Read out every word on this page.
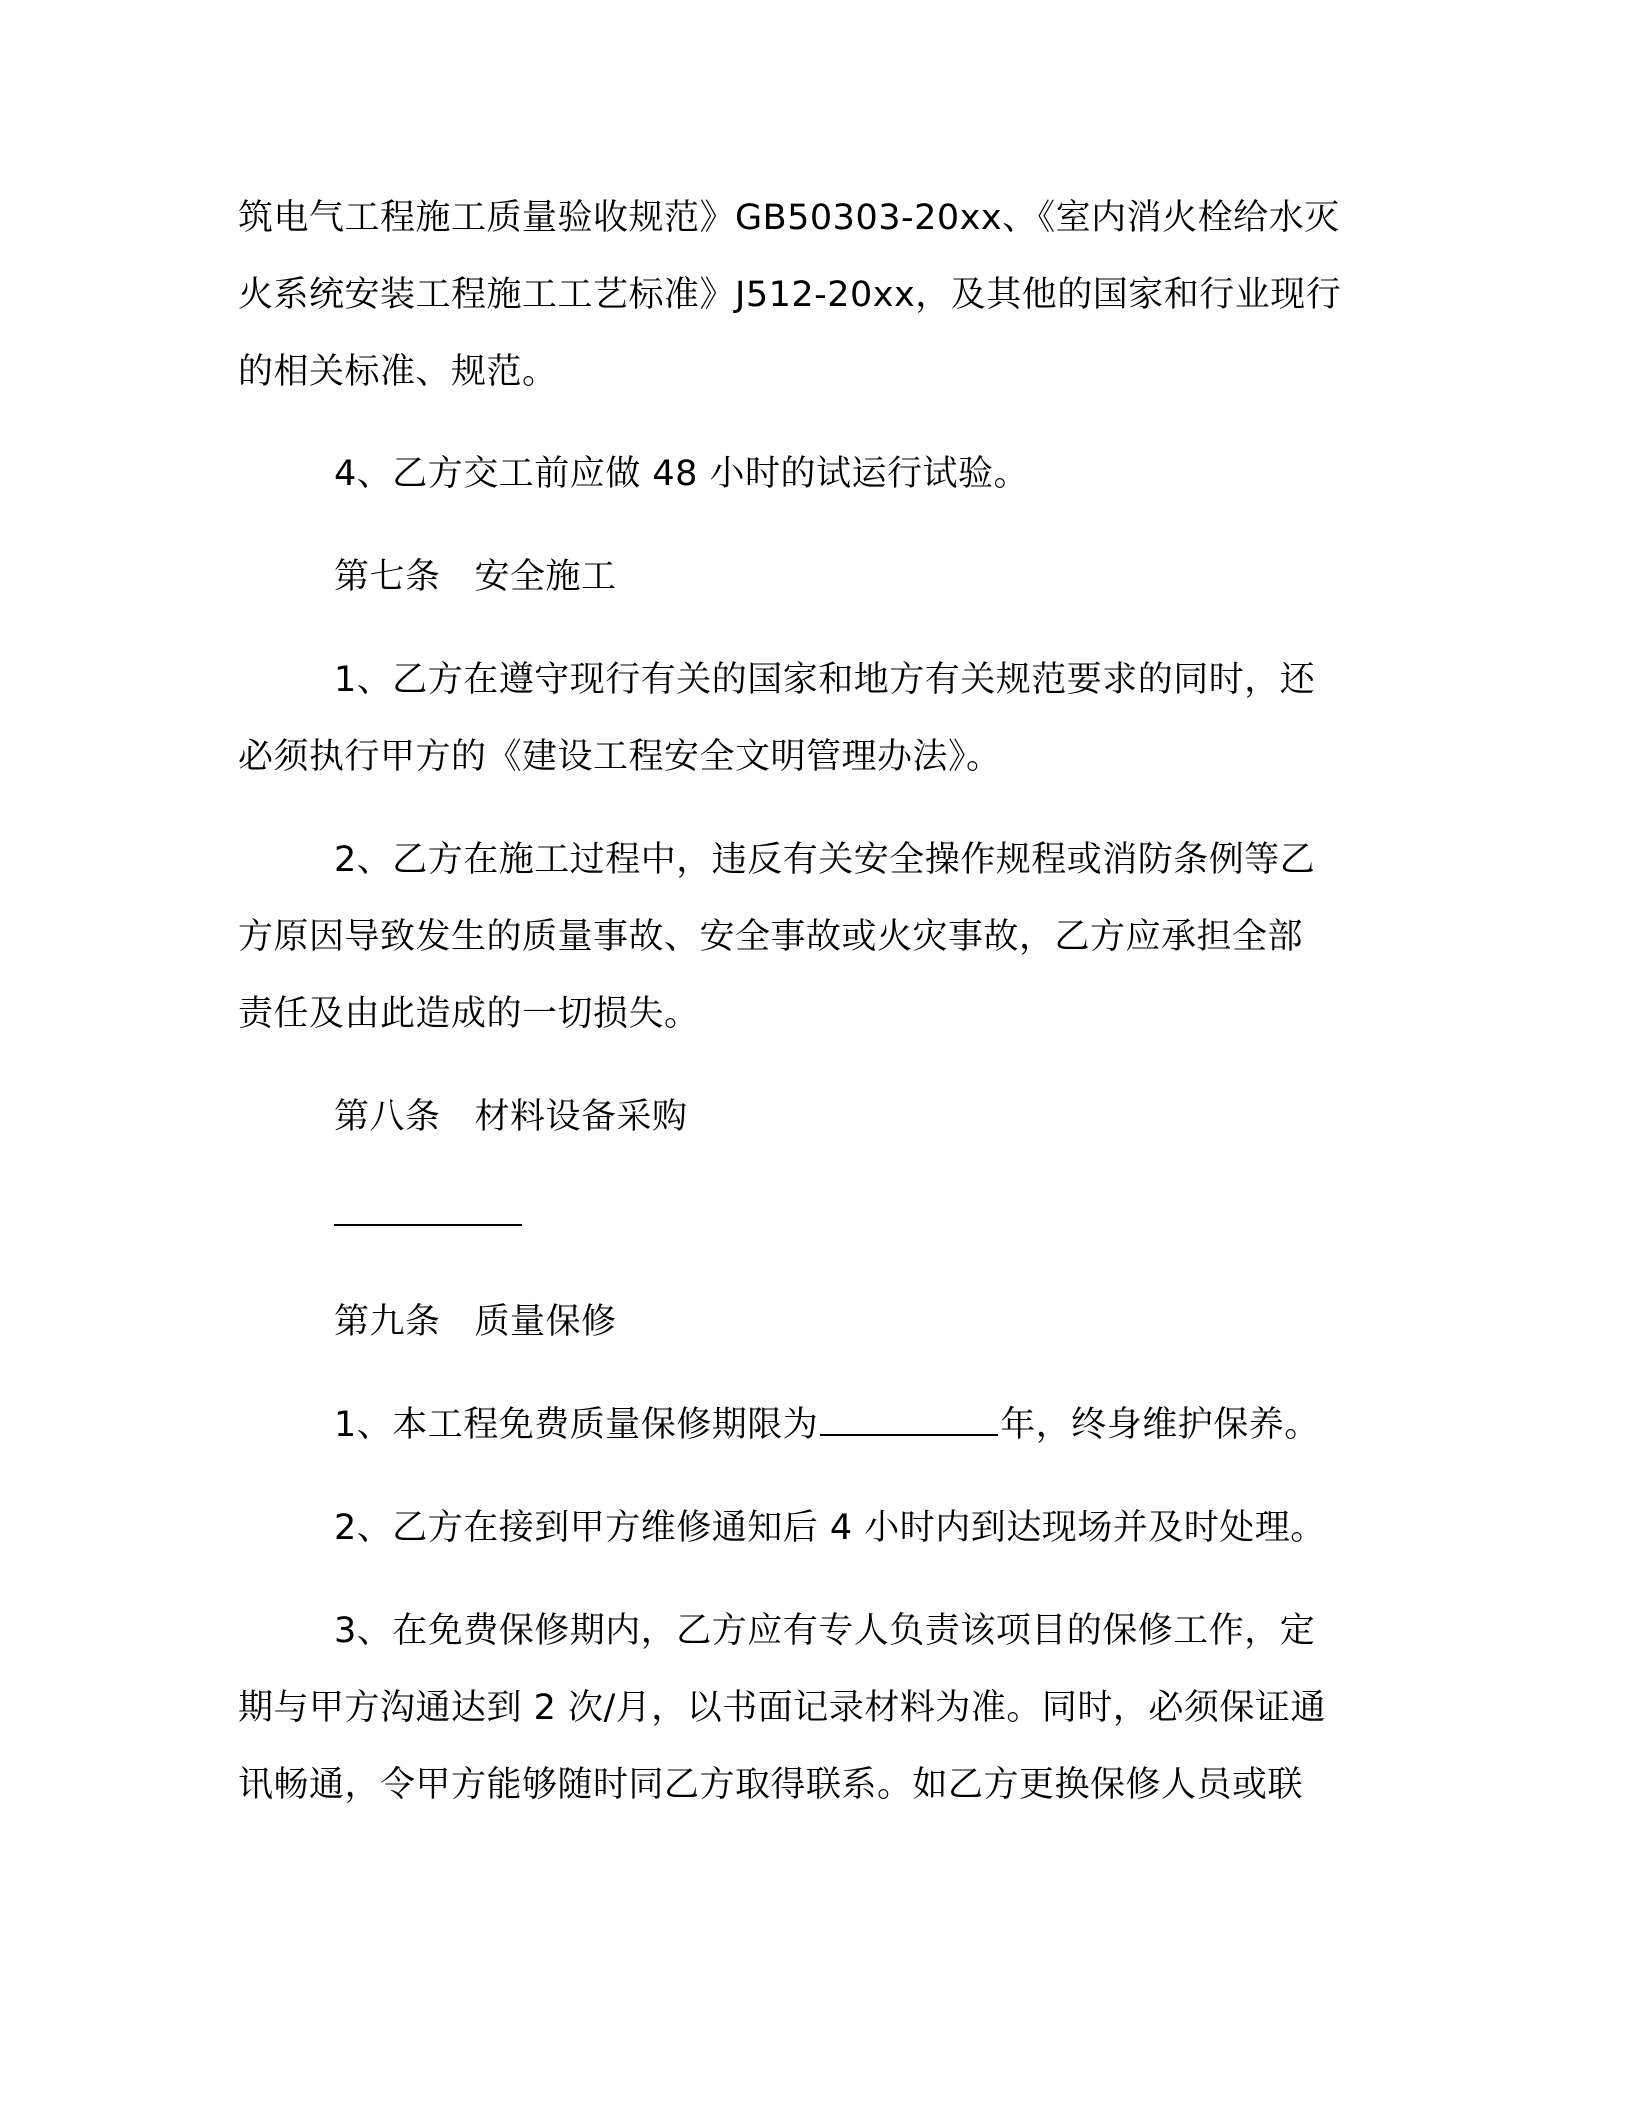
筑电气工程施工质量验收规范》GB50303-20xx、《室内消火栓给水灭

火系统安装工程施工工艺标准》J512-20xx，及其他的国家和行业现行

的相关标准、规范。

4、乙方交工前应做 48 小时的试运行试验。

第七条 安全施工

1、乙方在遵守现行有关的国家和地方有关规范要求的同时，还

必须执行甲方的《建设工程安全文明管理办法》。

2、乙方在施工过程中，违反有关安全操作规程或消防条例等乙

方原因导致发生的质量事故、安全事故或火灾事故，乙方应承担全部

责任及由此造成的一切损失。

第八条 材料设备采购

第九条 质量保修

1、本工程免费质量保修期限为	年，终身维护保养。

2、乙方在接到甲方维修通知后 4 小时内到达现场并及时处理。

3、在免费保修期内，乙方应有专人负责该项目的保修工作，定

期与甲方沟通达到 2 次/月，以书面记录材料为准。同时，必须保证通

讯畅通，令甲方能够随时同乙方取得联系。如乙方更换保修人员或联
